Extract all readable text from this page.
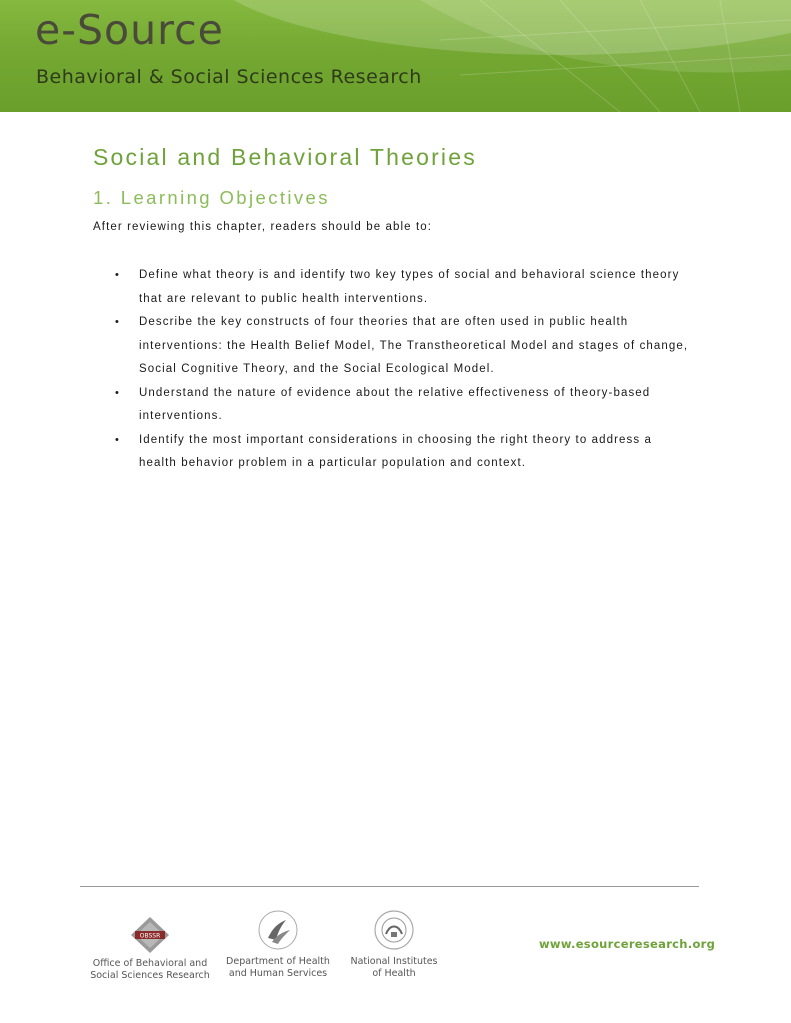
e-Source
Behavioral & Social Sciences Research
Social and Behavioral Theories
1. Learning Objectives
After reviewing this chapter, readers should be able to:
• Define what theory is and identify two key types of social and behavioral science theory
that are relevant to public health interventions.
• Describe the key constructs of four theories that are often used in public health
interventions: the Health Belief Model, The Transtheoretical Model and stages of change,
Social Cognitive Theory, and the Social Ecological Model.
• Understand the nature of evidence about the relative effectiveness of theory-based
interventions.
• Identify the most important considerations in choosing the right theory to address a
health behavior problem in a particular population and context.
OBSSR
Office of Behavioral and
Social Sciences Research
Department of Health
and Human Services
National Institutes
of Health
www.esourceresearch.org
